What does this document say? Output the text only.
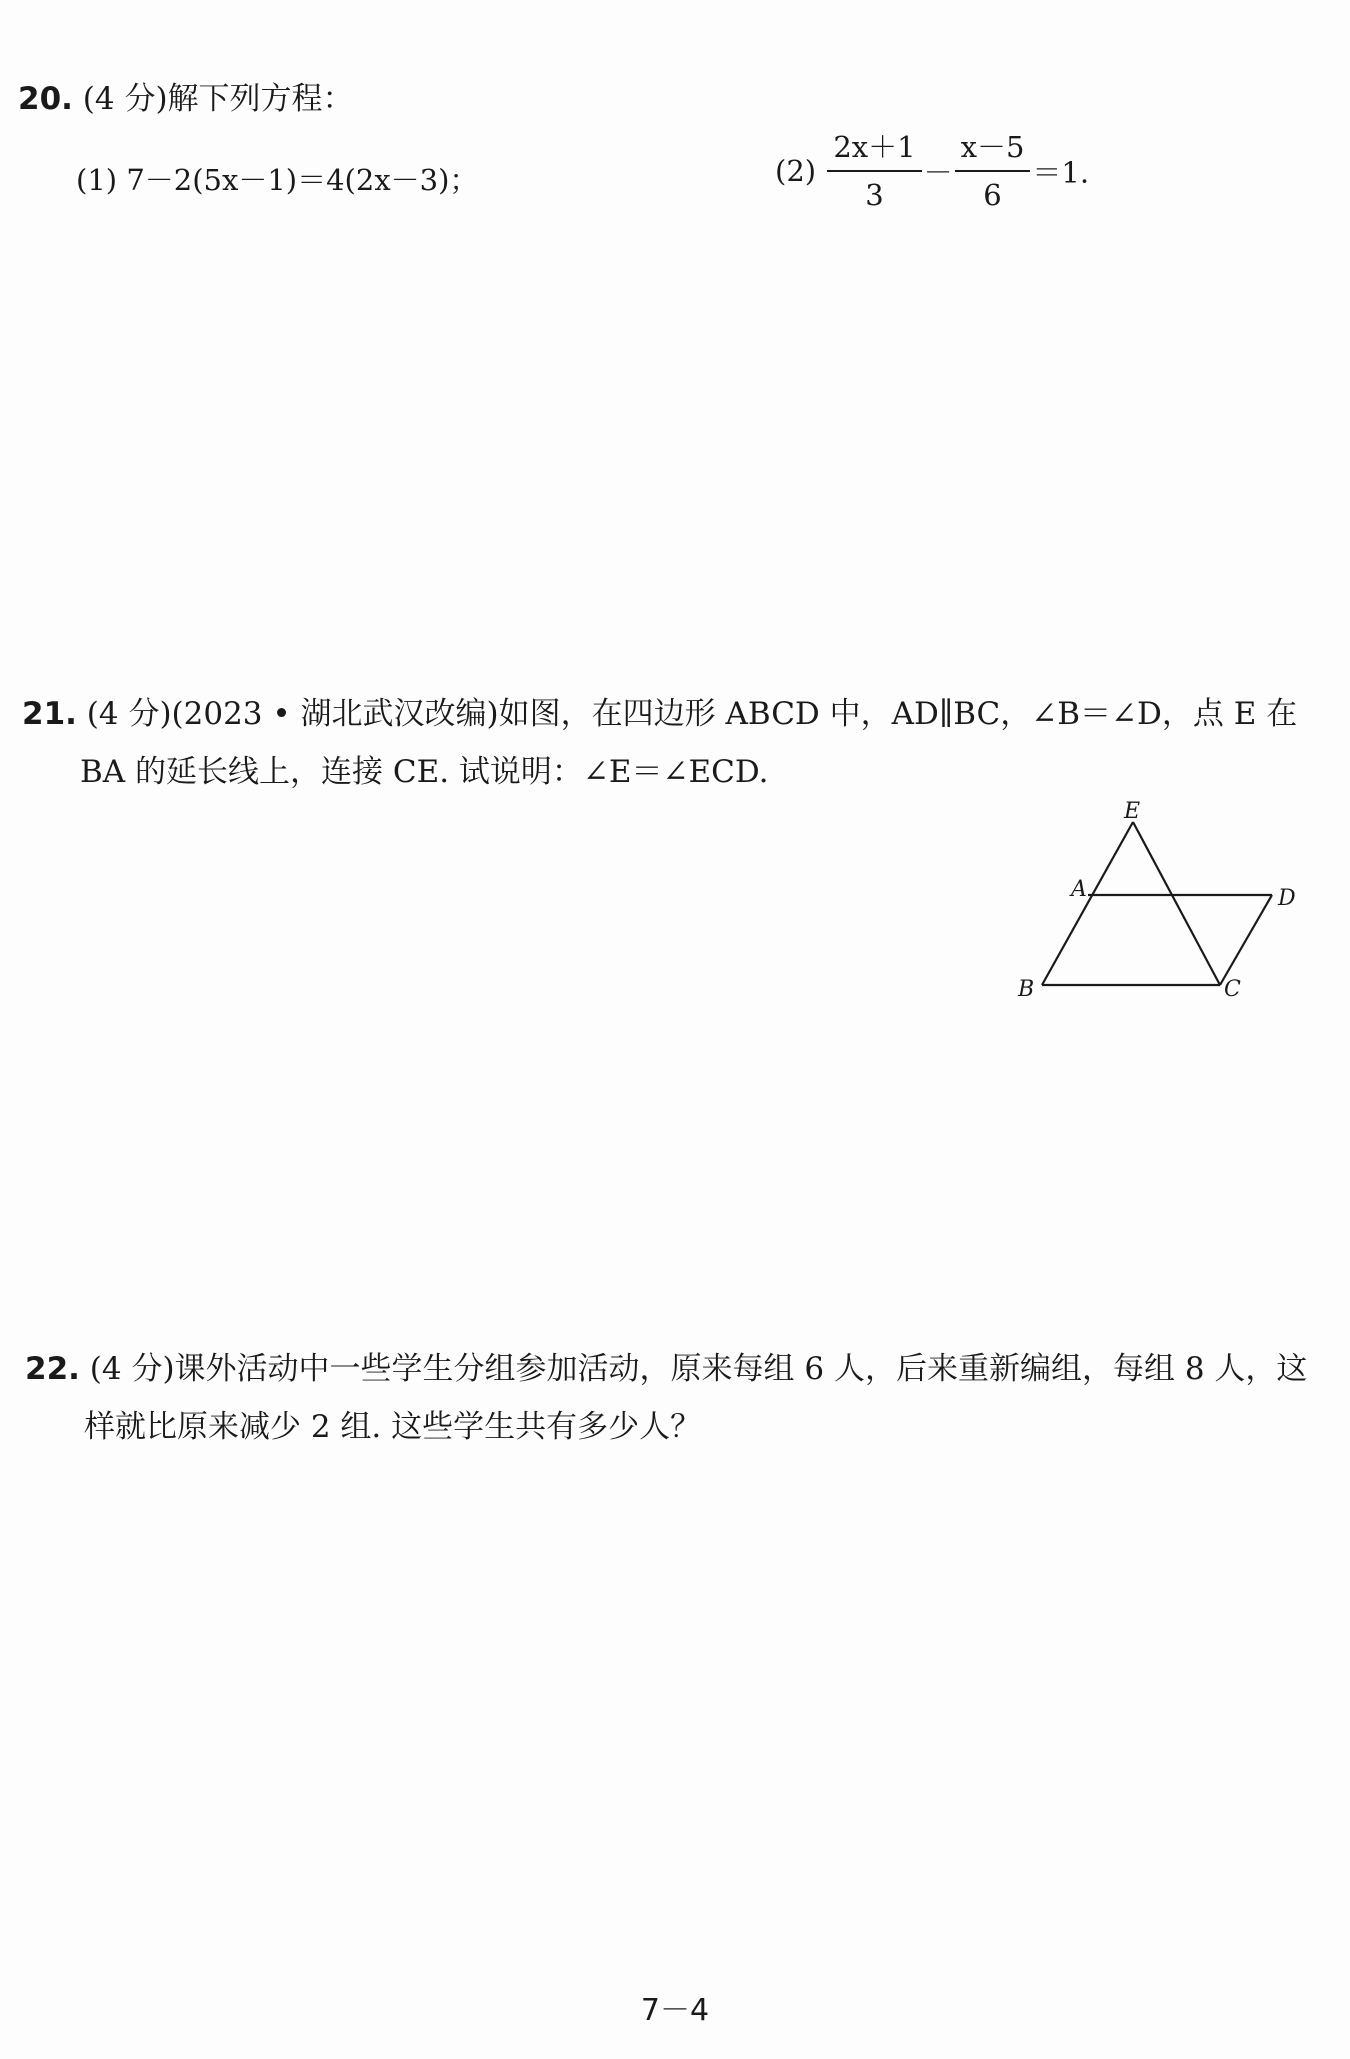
20. (4 分)解下列方程：
(1) 7－2(5x－1)＝4(2x－3)；	$(2) \frac{2x+1}{3} - \frac{x-5}{6} =1$.
21. (4 分)(2023 • 湖北武汉改编)如图，在四边形 ABCD 中，AD∥BC，∠B＝∠D，点 E 在
BA 的延长线上，连接 CE. 试说明：∠E＝∠ECD.
E
A	D
B	C
22. (4 分)课外活动中一些学生分组参加活动，原来每组 6 人，后来重新编组，每组 8 人，这
样就比原来减少 2 组. 这些学生共有多少人？
7－4
